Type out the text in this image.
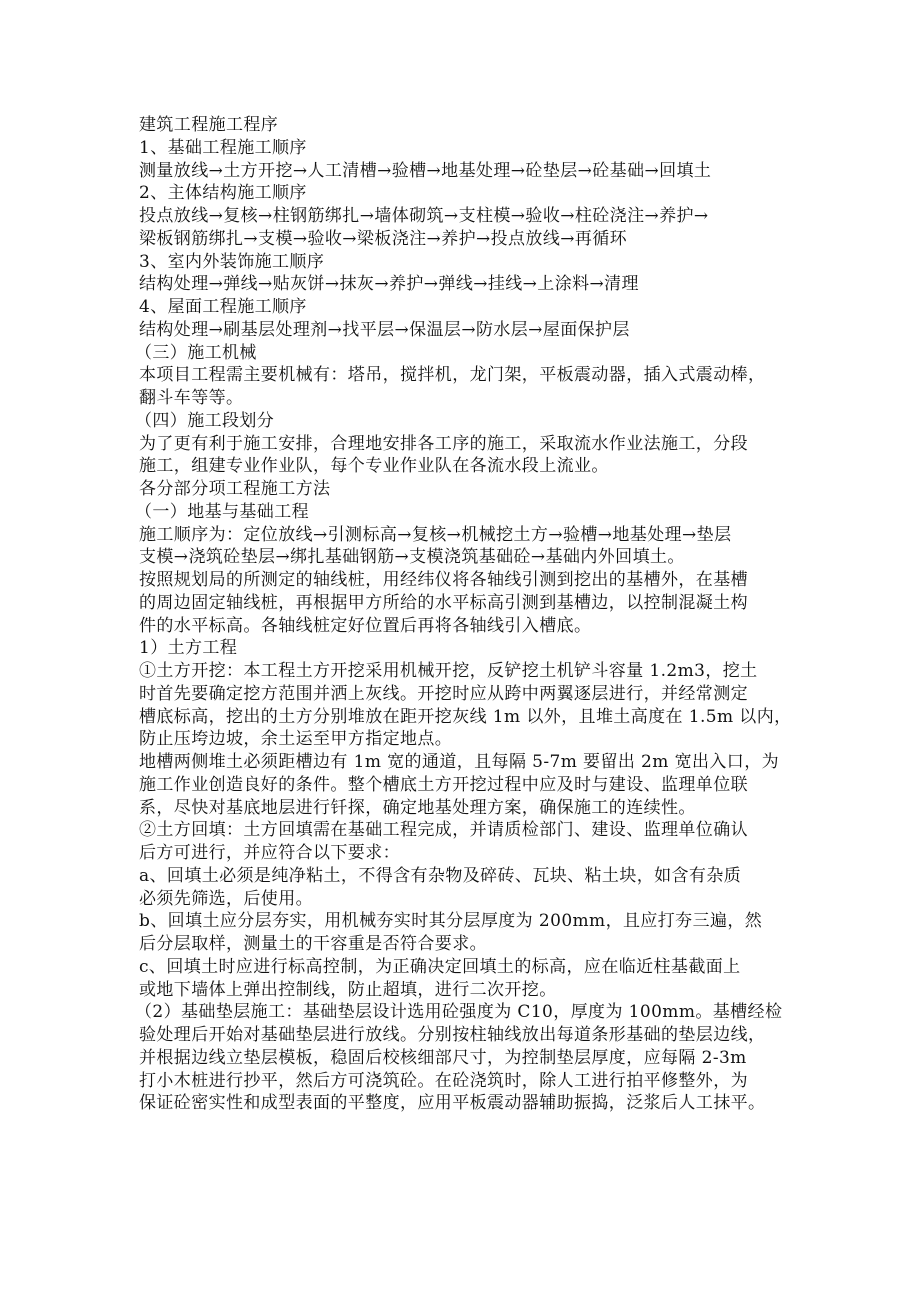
建筑工程施工程序
1、基础工程施工顺序
测量放线→土方开挖→人工清槽→验槽→地基处理→砼垫层→砼基础→回填土
2、主体结构施工顺序
投点放线→复核→柱钢筋绑扎→墙体砌筑→支柱模→验收→柱砼浇注→养护→
梁板钢筋绑扎→支模→验收→梁板浇注→养护→投点放线→再循环
3、室内外装饰施工顺序
结构处理→弹线→贴灰饼→抹灰→养护→弹线→挂线→上涂料→清理
4、屋面工程施工顺序
结构处理→刷基层处理剂→找平层→保温层→防水层→屋面保护层
（三）施工机械
本项目工程需主要机械有：塔吊，搅拌机，龙门架，平板震动器，插入式震动棒，
翻斗车等等。
（四）施工段划分
为了更有利于施工安排，合理地安排各工序的施工，采取流水作业法施工，分段
施工，组建专业作业队，每个专业作业队在各流水段上流业。
各分部分项工程施工方法
（一）地基与基础工程
施工顺序为：定位放线→引测标高→复核→机械挖土方→验槽→地基处理→垫层
支模→浇筑砼垫层→绑扎基础钢筋→支模浇筑基础砼→基础内外回填土。
按照规划局的所测定的轴线桩，用经纬仪将各轴线引测到挖出的基槽外，在基槽
的周边固定轴线桩，再根据甲方所给的水平标高引测到基槽边，以控制混凝土构
件的水平标高。各轴线桩定好位置后再将各轴线引入槽底。
1）土方工程
①土方开挖：本工程土方开挖采用机械开挖，反铲挖土机铲斗容量 1.2m3，挖土
时首先要确定挖方范围并洒上灰线。开挖时应从跨中两翼逐层进行，并经常测定
槽底标高，挖出的土方分别堆放在距开挖灰线 1m 以外，且堆土高度在 1.5m 以内，
防止压垮边坡，余土运至甲方指定地点。
地槽两侧堆土必须距槽边有 1m 宽的通道，且每隔 5-7m 要留出 2m 宽出入口，为
施工作业创造良好的条件。整个槽底土方开挖过程中应及时与建设、监理单位联
系，尽快对基底地层进行钎探，确定地基处理方案，确保施工的连续性。
②土方回填：土方回填需在基础工程完成，并请质检部门、建设、监理单位确认
后方可进行，并应符合以下要求：
a、回填土必须是纯净粘土，不得含有杂物及碎砖、瓦块、粘土块，如含有杂质
必须先筛选，后使用。
b、回填土应分层夯实，用机械夯实时其分层厚度为 200mm，且应打夯三遍，然
后分层取样，测量土的干容重是否符合要求。
c、回填土时应进行标高控制，为正确决定回填土的标高，应在临近柱基截面上
或地下墙体上弹出控制线，防止超填，进行二次开挖。
（2）基础垫层施工：基础垫层设计选用砼强度为 C10，厚度为 100mm。基槽经检
验处理后开始对基础垫层进行放线。分别按柱轴线放出每道条形基础的垫层边线，
并根据边线立垫层模板，稳固后校核细部尺寸，为控制垫层厚度，应每隔 2-3m
打小木桩进行抄平，然后方可浇筑砼。在砼浇筑时，除人工进行拍平修整外，为
保证砼密实性和成型表面的平整度，应用平板震动器辅助振捣，泛浆后人工抹平。
